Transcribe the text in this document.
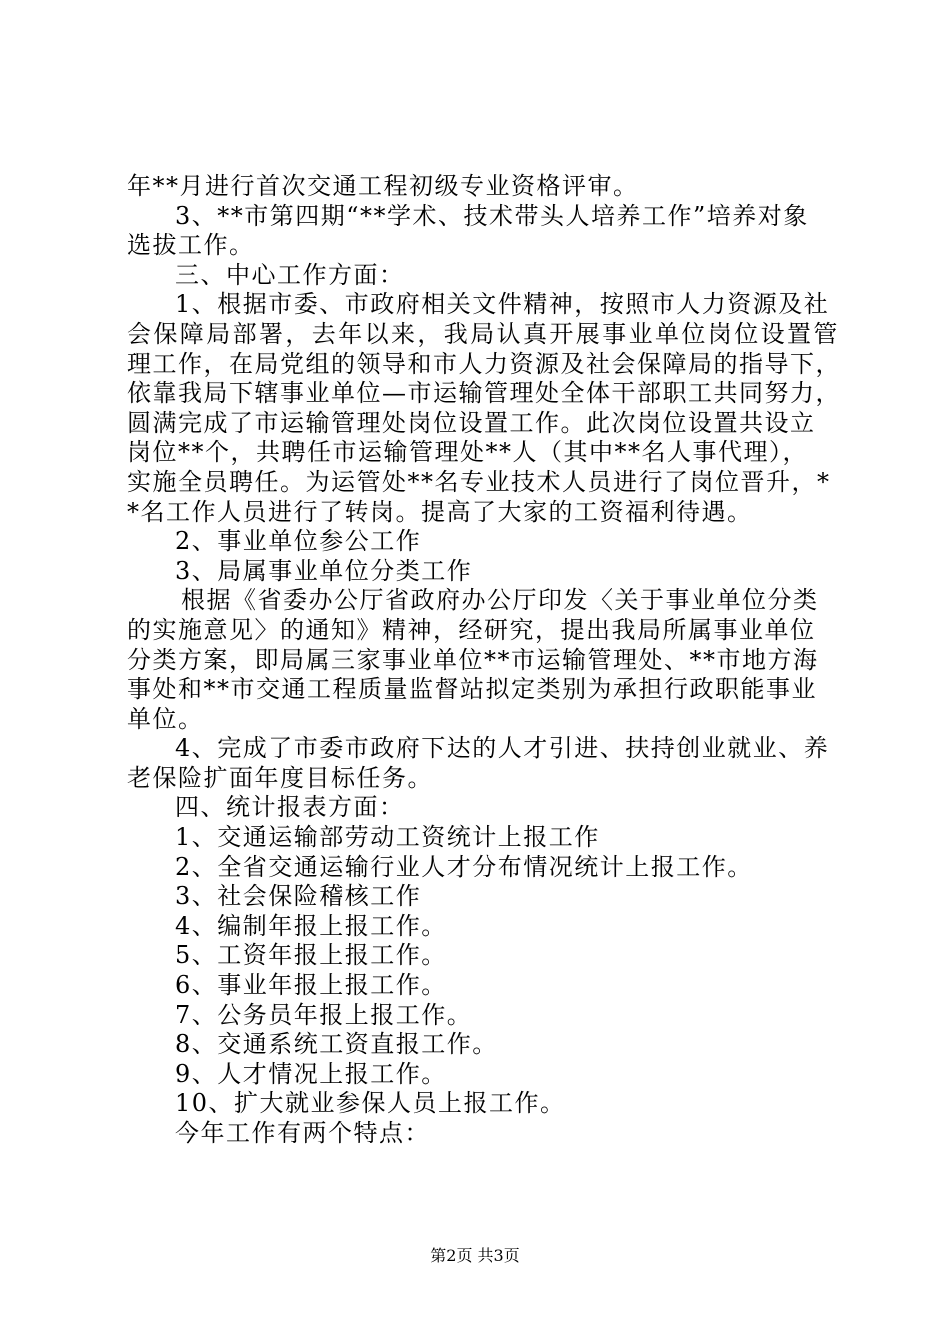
年**月进行首次交通工程初级专业资格评审。
3、**市第四期“**学术、技术带头人培养工作”培养对象
选拔工作。
三、中心工作方面：
1、根据市委、市政府相关文件精神，按照市人力资源及社
会保障局部署，去年以来，我局认真开展事业单位岗位设置管
理工作，在局党组的领导和市人力资源及社会保障局的指导下，
依靠我局下辖事业单位—市运输管理处全体干部职工共同努力，
圆满完成了市运输管理处岗位设置工作。此次岗位设置共设立
岗位**个，共聘任市运输管理处**人（其中**名人事代理），
实施全员聘任。为运管处**名专业技术人员进行了岗位晋升，*
*名工作人员进行了转岗。提高了大家的工资福利待遇。
2、事业单位参公工作
3、局属事业单位分类工作
根据《省委办公厅省政府办公厅印发〈关于事业单位分类
的实施意见〉的通知》精神，经研究，提出我局所属事业单位
分类方案，即局属三家事业单位**市运输管理处、**市地方海
事处和**市交通工程质量监督站拟定类别为承担行政职能事业
单位。
4、完成了市委市政府下达的人才引进、扶持创业就业、养
老保险扩面年度目标任务。
四、统计报表方面：
1、交通运输部劳动工资统计上报工作
2、全省交通运输行业人才分布情况统计上报工作。
3、社会保险稽核工作
4、编制年报上报工作。
5、工资年报上报工作。
6、事业年报上报工作。
7、公务员年报上报工作。
8、交通系统工资直报工作。
9、人才情况上报工作。
10、扩大就业参保人员上报工作。
今年工作有两个特点：
第2页 共3页
